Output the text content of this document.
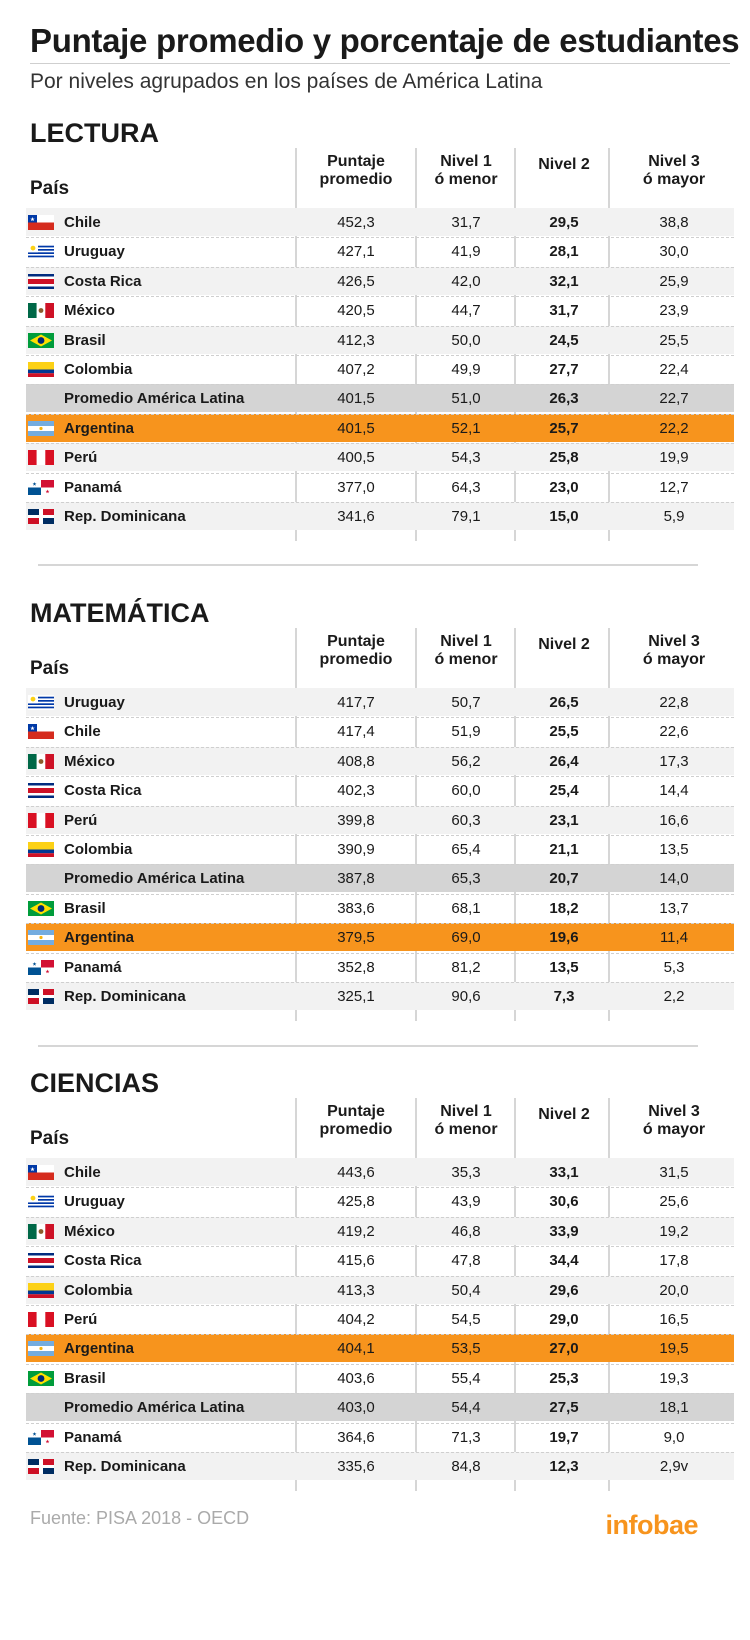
Puntaje promedio y porcentaje de estudiantes
Por niveles agrupados en los países de América Latina
LECTURA
País
Puntaje
promedio
Nivel 1
ó menor
Nivel 2	Nivel 3
ó mayor
Chile	452,3	31,7	29,5	38,8
Uruguay	427,1	41,9	28,1	30,0
Costa Rica	426,5	42,0	32,1	25,9
México	420,5	44,7	31,7	23,9
Brasil	412,3	50,0	24,5	25,5
Colombia	407,2	49,9	27,7	22,4
Promedio América Latina	401,5	51,0	26,3	22,7
Argentina	401,5	52,1	25,7	22,2
Perú	400,5	54,3	25,8	19,9
Panamá	377,0	64,3	23,0	12,7
Rep. Dominicana	341,6	79,1	15,0	5,9
MATEMÁTICA
País
Puntaje
promedio
Nivel 1
ó menor
Nivel 2	Nivel 3
ó mayor
Uruguay	417,7	50,7	26,5	22,8
Chile	417,4	51,9	25,5	22,6
México	408,8	56,2	26,4	17,3
Costa Rica	402,3	60,0	25,4	14,4
Perú	399,8	60,3	23,1	16,6
Colombia	390,9	65,4	21,1	13,5
Promedio América Latina	387,8	65,3	20,7	14,0
Brasil	383,6	68,1	18,2	13,7
Argentina	379,5	69,0	19,6	11,4
Panamá	352,8	81,2	13,5	5,3
Rep. Dominicana	325,1	90,6	7,3	2,2
CIENCIAS
País
Puntaje
promedio
Nivel 1
ó menor
Nivel 2	Nivel 3
ó mayor
Chile	443,6	35,3	33,1	31,5
Uruguay	425,8	43,9	30,6	25,6
México	419,2	46,8	33,9	19,2
Costa Rica	415,6	47,8	34,4	17,8
Colombia	413,3	50,4	29,6	20,0
Perú	404,2	54,5	29,0	16,5
Argentina	404,1	53,5	27,0	19,5
Brasil	403,6	55,4	25,3	19,3
Promedio América Latina	403,0	54,4	27,5	18,1
Panamá	364,6	71,3	19,7	9,0
Rep. Dominicana	335,6	84,8	12,3	2,9v
Fuente: PISA 2018 - OECD	infobae
